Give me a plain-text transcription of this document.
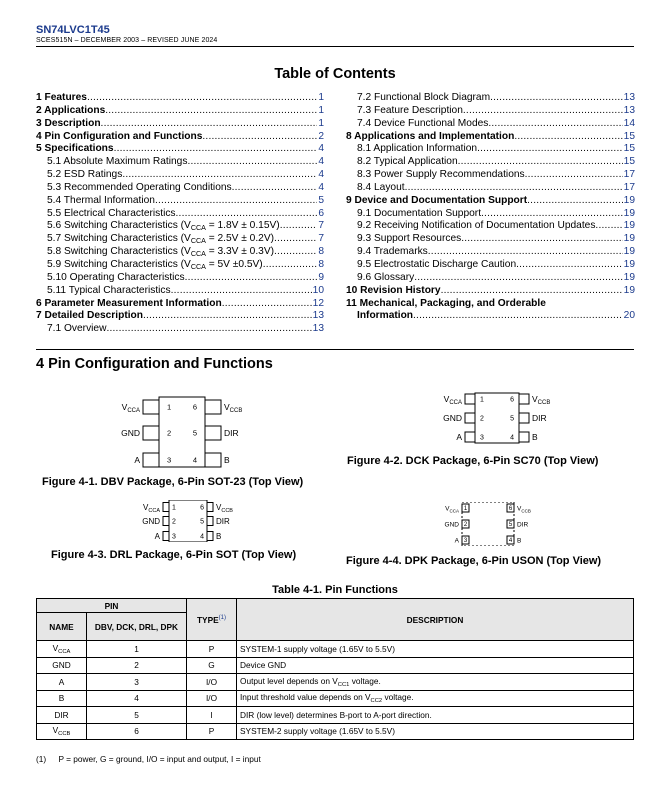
SN74LVC1T45
SCES515N – DECEMBER 2003 – REVISED JUNE 2024
Table of Contents
1 Features .....	1
2 Applications .....	1
3 Description .....	1
4 Pin Configuration and Functions .....	2
5 Specifications .....	4
5.1 Absolute Maximum Ratings .....	4
5.2 ESD Ratings .....	4
5.3 Recommended Operating Conditions .....	4
5.4 Thermal Information .....	5
5.5 Electrical Characteristics .....	6
5.6 Switching Characteristics $(V_{CCA} = 1.8V \pm 0.15V)$ .....	7
5.7 Switching Characteristics $(V_{CCA} = 2.5V \pm 0.2V)$ .....	7
5.8 Switching Characteristics $(V_{CCA} = 3.3V \pm 0.3V)$ .....	8
5.9 Switching Characteristics $(V_{CCA} = 5V \pm 0.5V)$ .....	8
5.10 Operating Characteristics .....	9
5.11 Typical Characteristics .....	10
6 Parameter Measurement Information .....	12
7 Detailed Description .....	13
7.1 Overview .....	13
7.2 Functional Block Diagram .....	13
7.3 Feature Description .....	13
7.4 Device Functional Modes .....	14
8 Applications and Implementation .....	15
8.1 Application Information .....	15
8.2 Typical Application .....	15
8.3 Power Supply Recommendations .....	17
8.4 Layout .....	17
9 Device and Documentation Support .....	19
9.1 Documentation Support .....	19
9.2 Receiving Notification of Documentation Updates .....	19
9.3 Support Resources .....	19
9.4 Trademarks .....	19
9.5 Electrostatic Discharge Caution .....	19
9.6 Glossary .....	19
10 Revision History .....	19
11 Mechanical, Packaging, and Orderable
Information .....	20
4 Pin Configuration and Functions
1
$V_{CCA}$
2
GND
3
A
6	$V_{CCB}$
5	DIR
4	B
Figure 4-1. DBV Package, 6-Pin SOT-23 (Top View)
1
$V_{CCA}$
2
GND
3
A
6 $V_{CCB}$
5 DIR
4 B
Figure 4-2. DCK Package, 6-Pin SC70 (Top View)
1
$V_{CCA}$
2
GND
3
A
6 $V_{CCB}$
5 DIR
4 B
Figure 4-3. DRL Package, 6-Pin SOT (Top View)
1
$V_{CCA}$
2
GND
3
A
6 $V_{CCB}$
5 DIR
4 B
Figure 4-4. DPK Package, 6-Pin USON (Top View)
Table 4-1. Pin Functions
PIN		TYPE$^{(1)}$	DESCRIPTION
NAME	DBV, DCK, DRL, DPK		
$V_{CCA}$	1	P	SYSTEM-1 supply voltage (1.65V to 5.5V)
GND	2	G	Device GND
A	3	I/O	Output level depends on $V_{CC1}$ voltage.
B	4	I/O	Input threshold value depends on $V_{CC2}$ voltage.
DIR	5	I	DIR (low level) determines B-port to A-port direction.
$V_{CCB}$	6	P	SYSTEM-2 supply voltage (1.65V to 5.5V)
(1) P = power, G = ground, I/O = input and output, I = input
